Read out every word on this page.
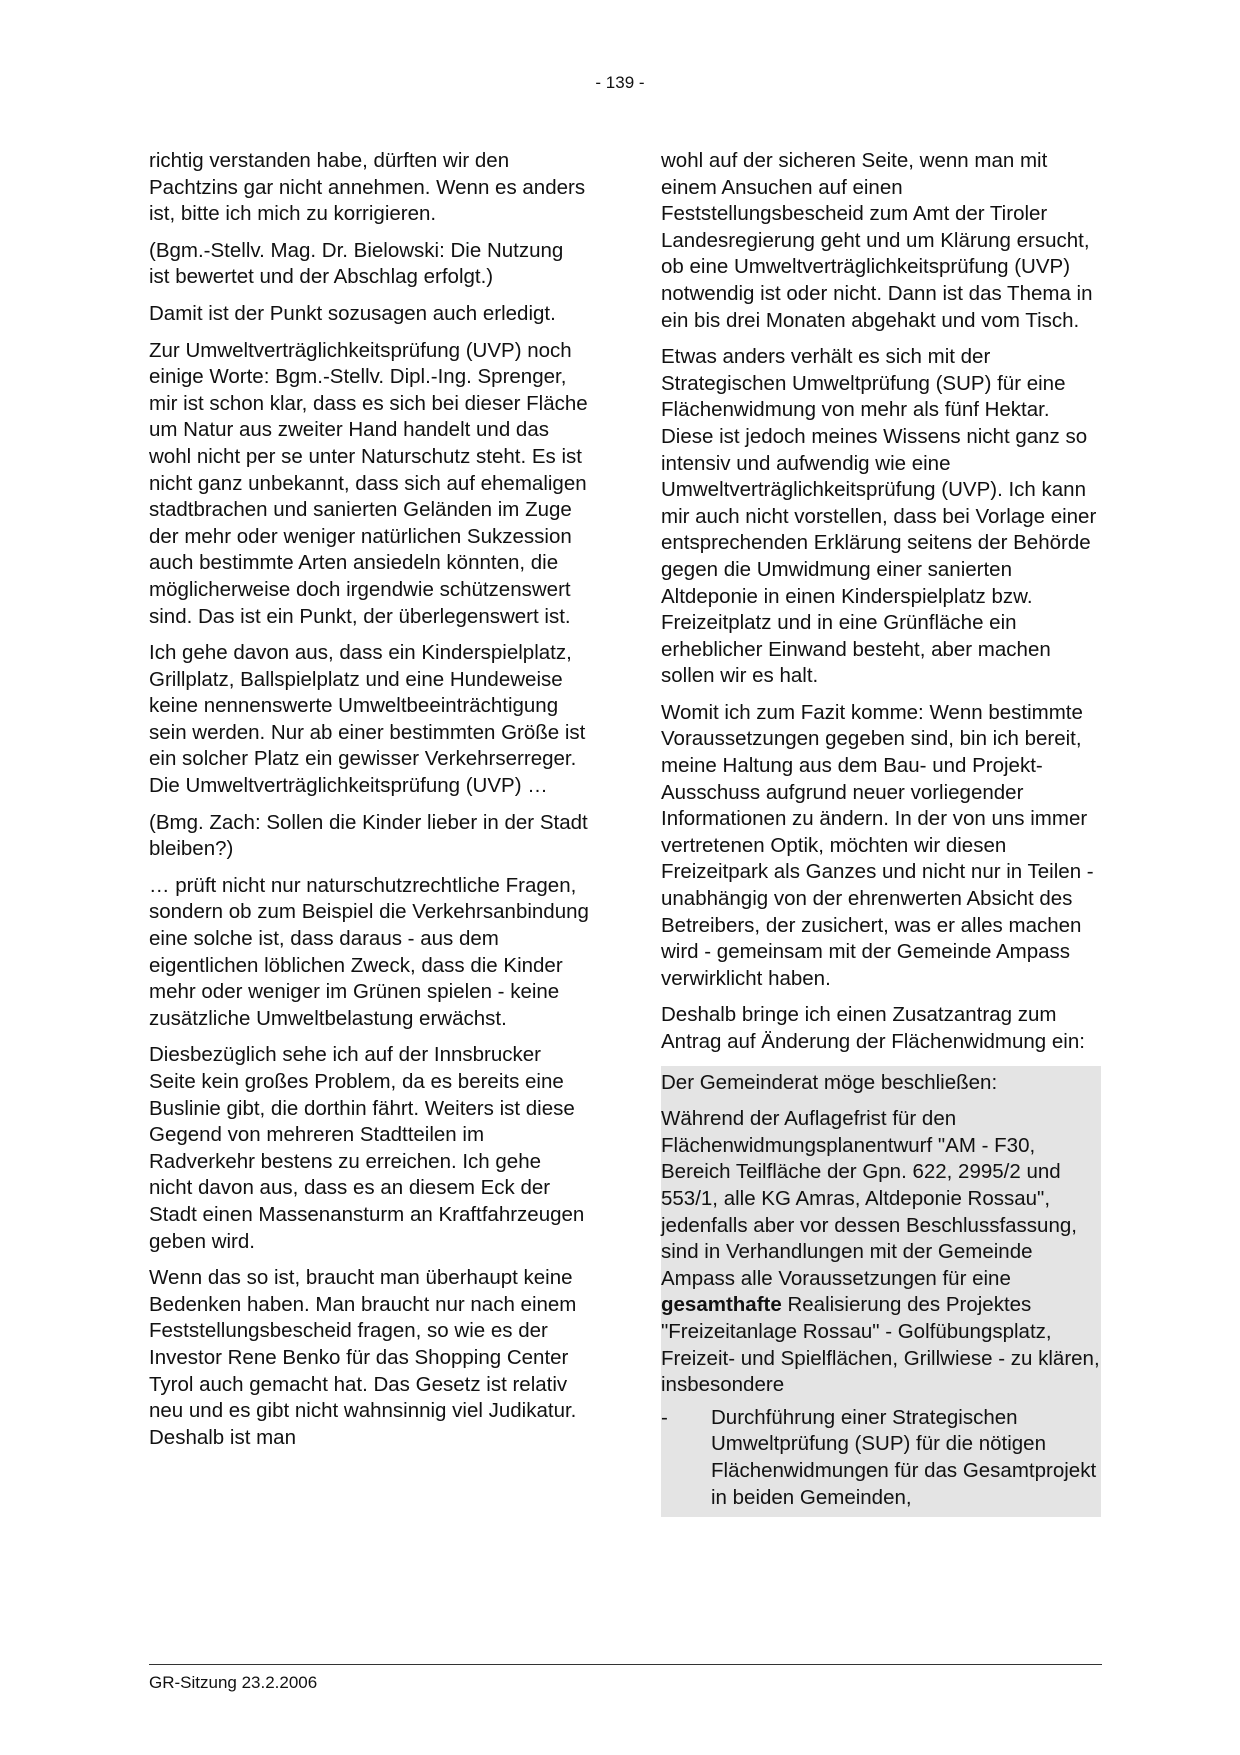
- 139 -

richtig verstanden habe, dürften wir den Pachtzins gar nicht annehmen. Wenn es anders ist, bitte ich mich zu korrigieren.

(Bgm.-Stellv. Mag. Dr. Bielowski: Die Nutzung ist bewertet und der Abschlag erfolgt.)

Damit ist der Punkt sozusagen auch erledigt.

Zur Umweltverträglichkeitsprüfung (UVP) noch einige Worte: Bgm.-Stellv. Dipl.-Ing. Sprenger, mir ist schon klar, dass es sich bei dieser Fläche um Natur aus zweiter Hand handelt und das wohl nicht per se unter Naturschutz steht. Es ist nicht ganz unbekannt, dass sich auf ehemaligen stadtbrachen und sanierten Geländen im Zuge der mehr oder weniger natürlichen Sukzession auch bestimmte Arten ansiedeln könnten, die möglicherweise doch irgendwie schützenswert sind. Das ist ein Punkt, der überlegenswert ist.

Ich gehe davon aus, dass ein Kinderspielplatz, Grillplatz, Ballspielplatz und eine Hundeweise keine nennenswerte Umweltbeeinträchtigung sein werden. Nur ab einer bestimmten Größe ist ein solcher Platz ein gewisser Verkehrserreger. Die Umweltverträglichkeitsprüfung (UVP) …

(Bmg. Zach: Sollen die Kinder lieber in der Stadt bleiben?)

… prüft nicht nur naturschutzrechtliche Fragen, sondern ob zum Beispiel die Verkehrsanbindung eine solche ist, dass daraus - aus dem eigentlichen löblichen Zweck, dass die Kinder mehr oder weniger im Grünen spielen - keine zusätzliche Umweltbelastung erwächst.

Diesbezüglich sehe ich auf der Innsbrucker Seite kein großes Problem, da es bereits eine Buslinie gibt, die dorthin fährt. Weiters ist diese Gegend von mehreren Stadtteilen im Radverkehr bestens zu erreichen. Ich gehe nicht davon aus, dass es an diesem Eck der Stadt einen Massenansturm an Kraftfahrzeugen geben wird.

Wenn das so ist, braucht man überhaupt keine Bedenken haben. Man braucht nur nach einem Feststellungsbescheid fragen, so wie es der Investor Rene Benko für das Shopping Center Tyrol auch gemacht hat. Das Gesetz ist relativ neu und es gibt nicht wahnsinnig viel Judikatur. Deshalb ist man

wohl auf der sicheren Seite, wenn man mit einem Ansuchen auf einen Feststellungsbescheid zum Amt der Tiroler Landesregierung geht und um Klärung ersucht, ob eine Umweltverträglichkeitsprüfung (UVP) notwendig ist oder nicht. Dann ist das Thema in ein bis drei Monaten abgehakt und vom Tisch.

Etwas anders verhält es sich mit der Strategischen Umweltprüfung (SUP) für eine Flächenwidmung von mehr als fünf Hektar. Diese ist jedoch meines Wissens nicht ganz so intensiv und aufwendig wie eine Umweltverträglichkeitsprüfung (UVP). Ich kann mir auch nicht vorstellen, dass bei Vorlage einer entsprechenden Erklärung seitens der Behörde gegen die Umwidmung einer sanierten Altdeponie in einen Kinderspielplatz bzw. Freizeitplatz und in eine Grünfläche ein erheblicher Einwand besteht, aber machen sollen wir es halt.

Womit ich zum Fazit komme: Wenn bestimmte Voraussetzungen gegeben sind, bin ich bereit, meine Haltung aus dem Bau- und Projekt-Ausschuss aufgrund neuer vorliegender Informationen zu ändern. In der von uns immer vertretenen Optik, möchten wir diesen Freizeitpark als Ganzes und nicht nur in Teilen - unabhängig von der ehrenwerten Absicht des Betreibers, der zusichert, was er alles machen wird - gemeinsam mit der Gemeinde Ampass verwirklicht haben.

Deshalb bringe ich einen Zusatzantrag zum Antrag auf Änderung der Flächenwidmung ein:

Der Gemeinderat möge beschließen:

Während der Auflagefrist für den Flächenwidmungsplanentwurf "AM - F30, Bereich Teilfläche der Gpn. 622, 2995/2 und 553/1, alle KG Amras, Altdeponie Rossau", jedenfalls aber vor dessen Beschlussfassung, sind in Verhandlungen mit der Gemeinde Ampass alle Voraussetzungen für eine gesamthafte Realisierung des Projektes "Freizeitanlage Rossau" - Golfübungsplatz, Freizeit- und Spielflächen, Grillwiese - zu klären, insbesondere

-	Durchführung einer Strategischen Umweltprüfung (SUP) für die nötigen Flächenwidmungen für das Gesamtprojekt in beiden Gemeinden,
GR-Sitzung 23.2.2006
